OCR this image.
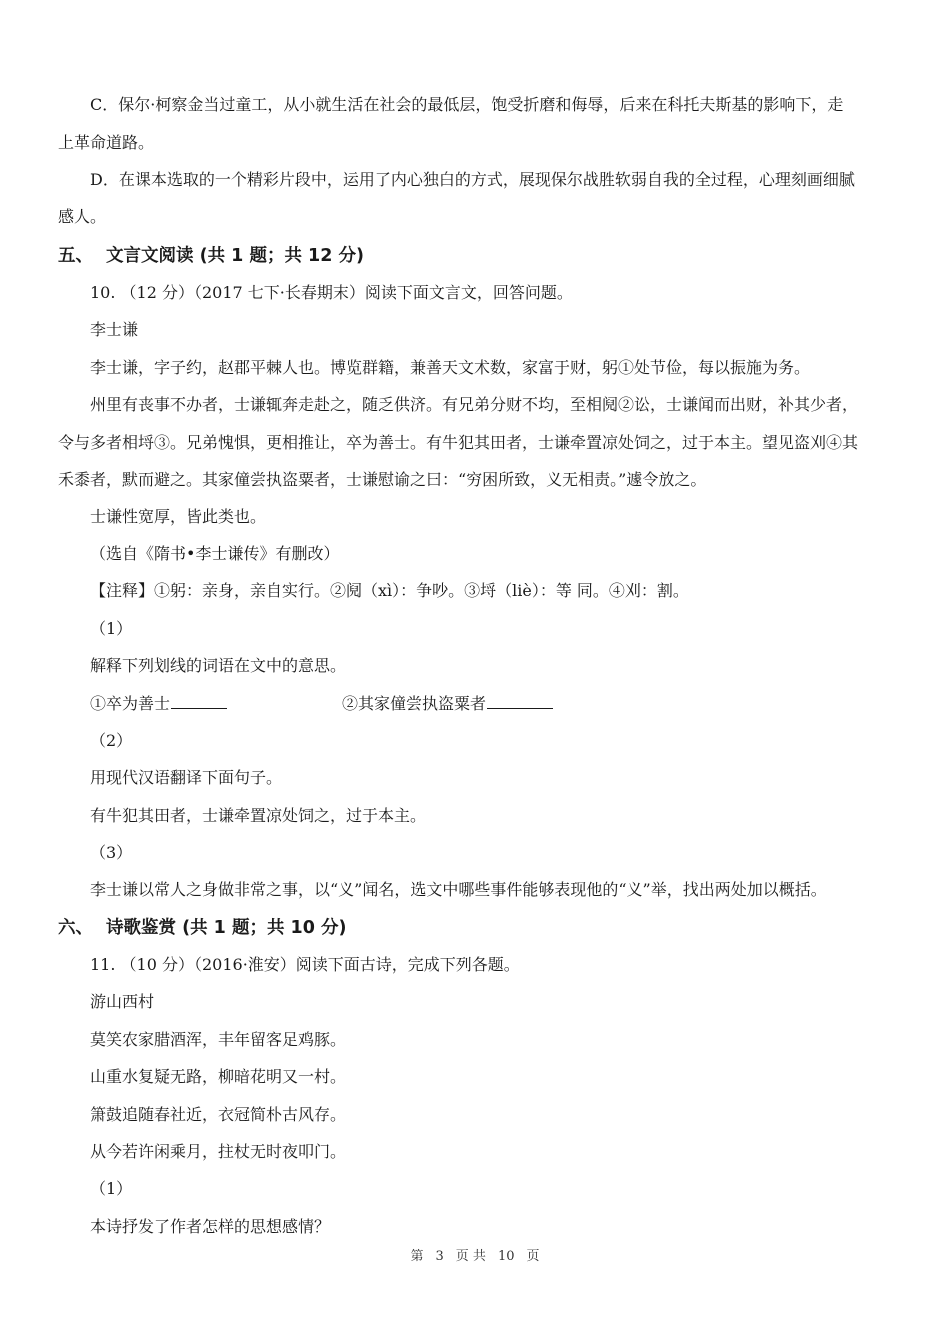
C．保尔·柯察金当过童工，从小就生活在社会的最低层，饱受折磨和侮辱，后来在科托夫斯基的影响下，走
上革命道路。
D．在课本选取的一个精彩片段中，运用了内心独白的方式，展现保尔战胜软弱自我的全过程，心理刻画细腻
感人。
五、 文言文阅读 (共 1 题；共 12 分)
10. （12 分）（2017 七下·长春期末）阅读下面文言文，回答问题。
李士谦
李士谦，字子约，赵郡平棘人也。博览群籍，兼善天文术数，家富于财，躬①处节俭，每以振施为务。
州里有丧事不办者，士谦辄奔走赴之，随乏供济。有兄弟分财不均，至相阋②讼，士谦闻而出财，补其少者，
令与多者相埒③。兄弟愧惧，更相推让，卒为善士。有牛犯其田者，士谦牵置凉处饲之，过于本主。望见盗刈④其
禾黍者，默而避之。其家僮尝执盗粟者，士谦慰谕之曰：“穷困所致，义无相责。”遽令放之。
士谦性宽厚，皆此类也。
（选自《隋书•李士谦传》有删改）
【注释】①躬：亲身，亲自实行。②阋（xì）：争吵。③埒（liè）：等 同。④刈：割。
（1）
解释下列划线的词语在文中的意思。
①卒为善士	②其家僮尝执盗粟者
（2）
用现代汉语翻译下面句子。
有牛犯其田者，士谦牵置凉处饲之，过于本主。
（3）
李士谦以常人之身做非常之事，以“义”闻名，选文中哪些事件能够表现他的“义”举，找出两处加以概括。
六、 诗歌鉴赏 (共 1 题；共 10 分)
11. （10 分）（2016·淮安）阅读下面古诗，完成下列各题。
游山西村
莫笑农家腊酒浑，丰年留客足鸡豚。
山重水复疑无路，柳暗花明又一村。
箫鼓追随春社近，衣冠简朴古风存。
从今若许闲乘月，拄杖无时夜叩门。
（1）
本诗抒发了作者怎样的思想感情？
第 3 页 共 10 页
